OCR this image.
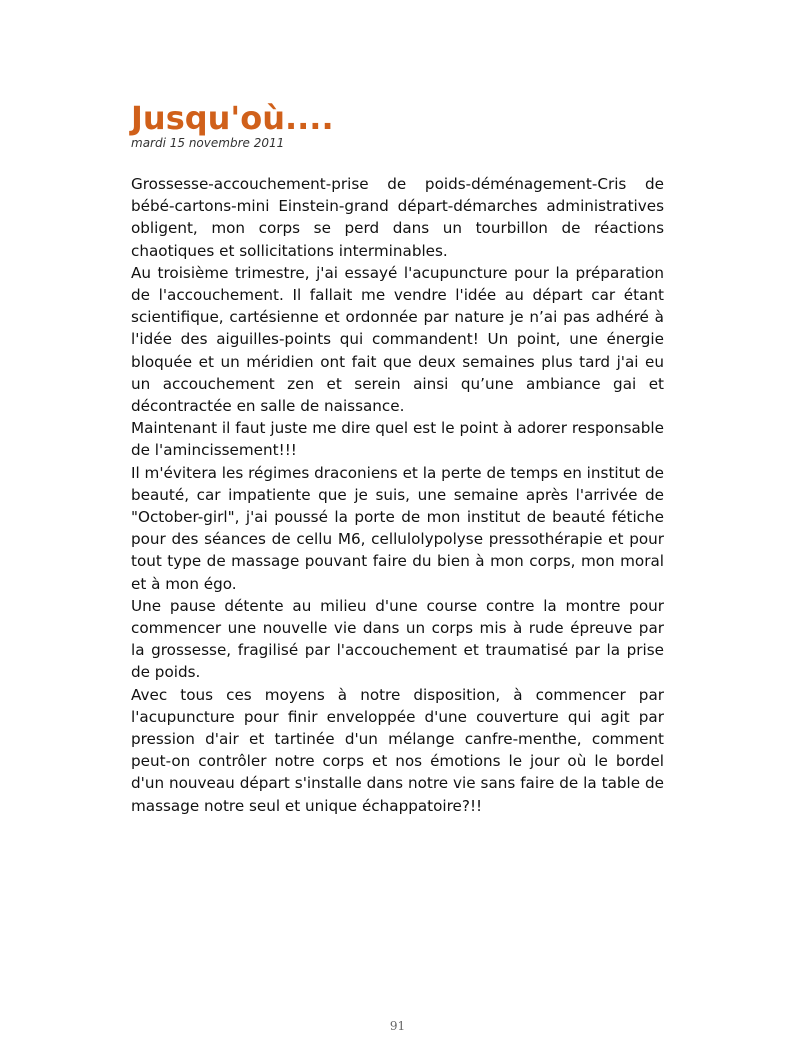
Jusqu'où....
mardi 15 novembre 2011

Grossesse-accouchement-prise de poids-déménagement-Cris de bébé-cartons-mini Einstein-grand départ-démarches administratives obligent, mon corps se perd dans un tourbillon de réactions chaotiques et sollicitations interminables.

Au troisième trimestre, j'ai essayé l'acupuncture pour la préparation de l'accouchement. Il fallait me vendre l'idée au départ car étant scientifique, cartésienne et ordonnée par nature je n’ai pas adhéré à l'idée des aiguilles-points qui commandent! Un point, une énergie bloquée et un méridien ont fait que deux semaines plus tard j'ai eu un accouchement zen et serein ainsi qu’une ambiance gai et décontractée en salle de naissance.

Maintenant il faut juste me dire quel est le point à adorer responsable de l'amincissement!!!

Il m'évitera les régimes draconiens et la perte de temps en institut de beauté, car impatiente que je suis, une semaine après l'arrivée de "October-girl", j'ai poussé la porte de mon institut de beauté fétiche pour des séances de cellu M6, cellulolypolyse pressothérapie et pour tout type de massage pouvant faire du bien à mon corps, mon moral et à mon égo.

Une pause détente au milieu d'une course contre la montre pour commencer une nouvelle vie dans un corps mis à rude épreuve par la grossesse, fragilisé par l'accouchement et traumatisé par la prise de poids.

Avec tous ces moyens à notre disposition, à commencer par l'acupuncture pour finir enveloppée d'une couverture qui agit par pression d'air et tartinée d'un mélange canfre-menthe, comment peut-on contrôler notre corps et nos émotions le jour où le bordel d'un nouveau départ s'installe dans notre vie sans faire de la table de massage notre seul et unique échappatoire?!!

91
